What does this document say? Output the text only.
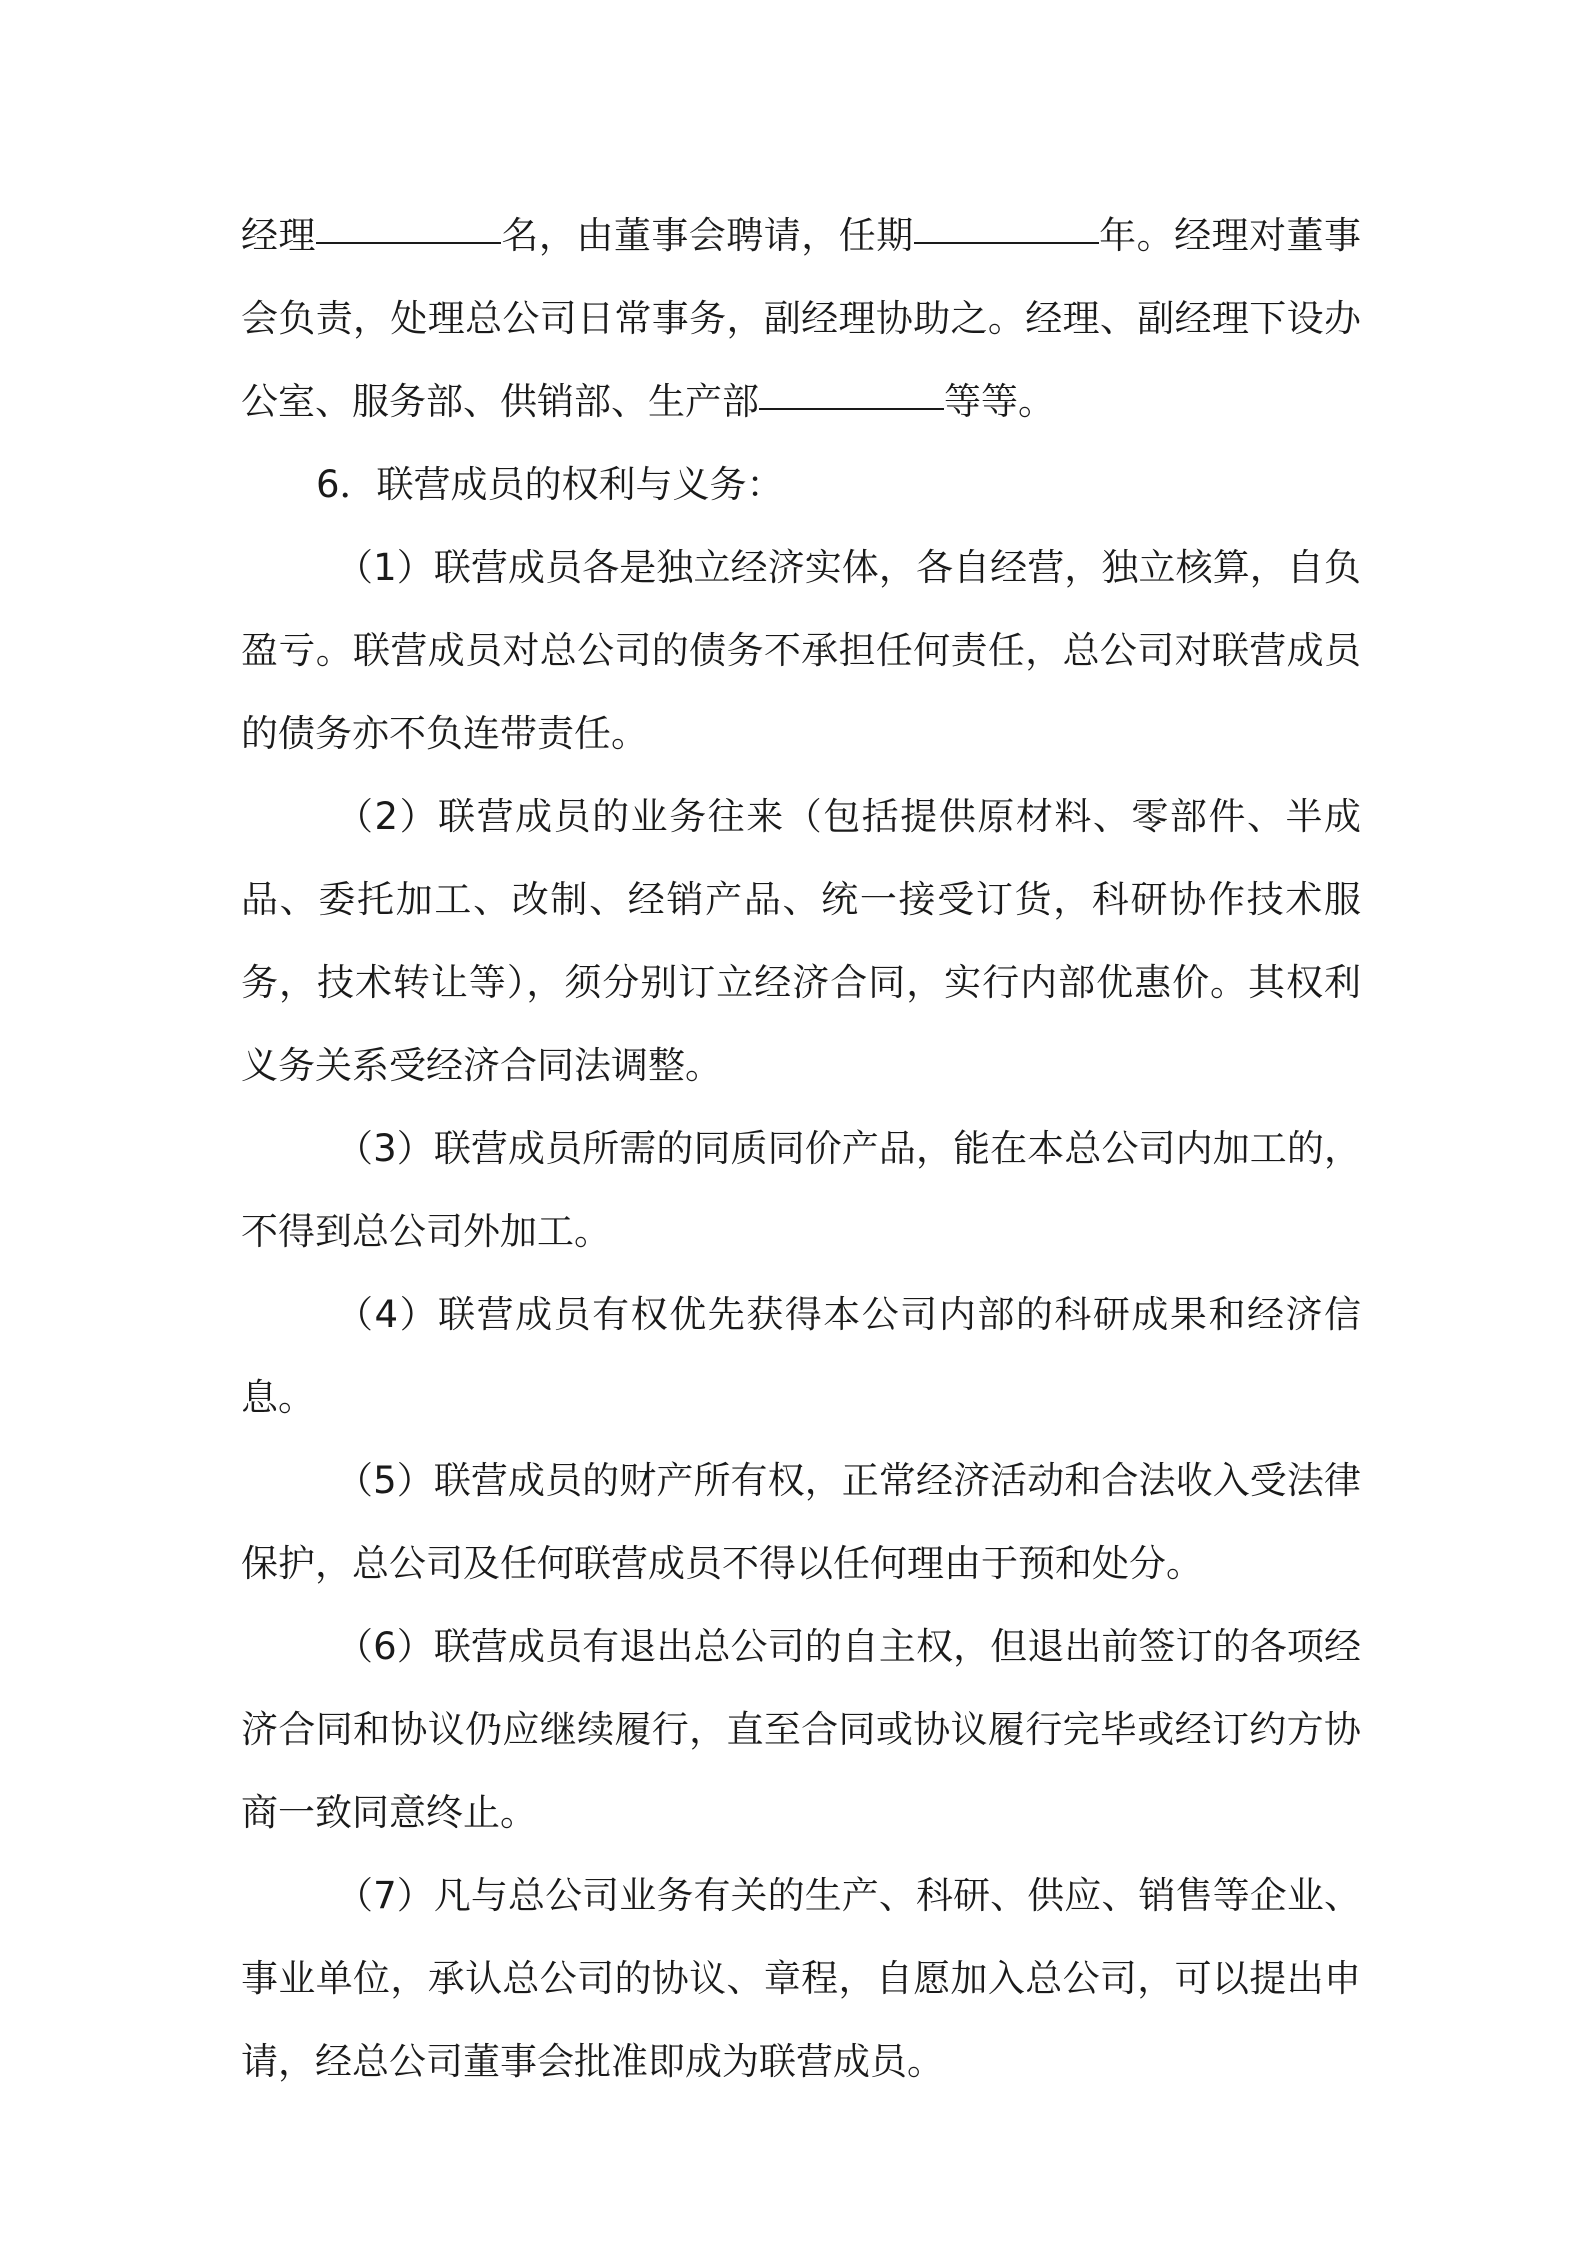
经理	名，由董事会聘请，任期	年。经理对董事会负责，处理总公司日常事务，副经理协助之。经理、副经理下设办公室、服务部、供销部、生产部	等等。

6．联营成员的权利与义务：

（1）联营成员各是独立经济实体，各自经营，独立核算，自负盈亏。联营成员对总公司的债务不承担任何责任，总公司对联营成员的债务亦不负连带责任。

（2）联营成员的业务往来（包括提供原材料、零部件、半成品、委托加工、改制、经销产品、统一接受订货，科研协作技术服务，技术转让等），须分别订立经济合同，实行内部优惠价。其权利义务关系受经济合同法调整。

（3）联营成员所需的同质同价产品，能在本总公司内加工的，不得到总公司外加工。

（4）联营成员有权优先获得本公司内部的科研成果和经济信息。

（5）联营成员的财产所有权，正常经济活动和合法收入受法律保护，总公司及任何联营成员不得以任何理由于预和处分。

（6）联营成员有退出总公司的自主权，但退出前签订的各项经济合同和协议仍应继续履行，直至合同或协议履行完毕或经订约方协商一致同意终止。

（7）凡与总公司业务有关的生产、科研、供应、销售等企业、事业单位，承认总公司的协议、章程，自愿加入总公司，可以提出申请，经总公司董事会批准即成为联营成员。
